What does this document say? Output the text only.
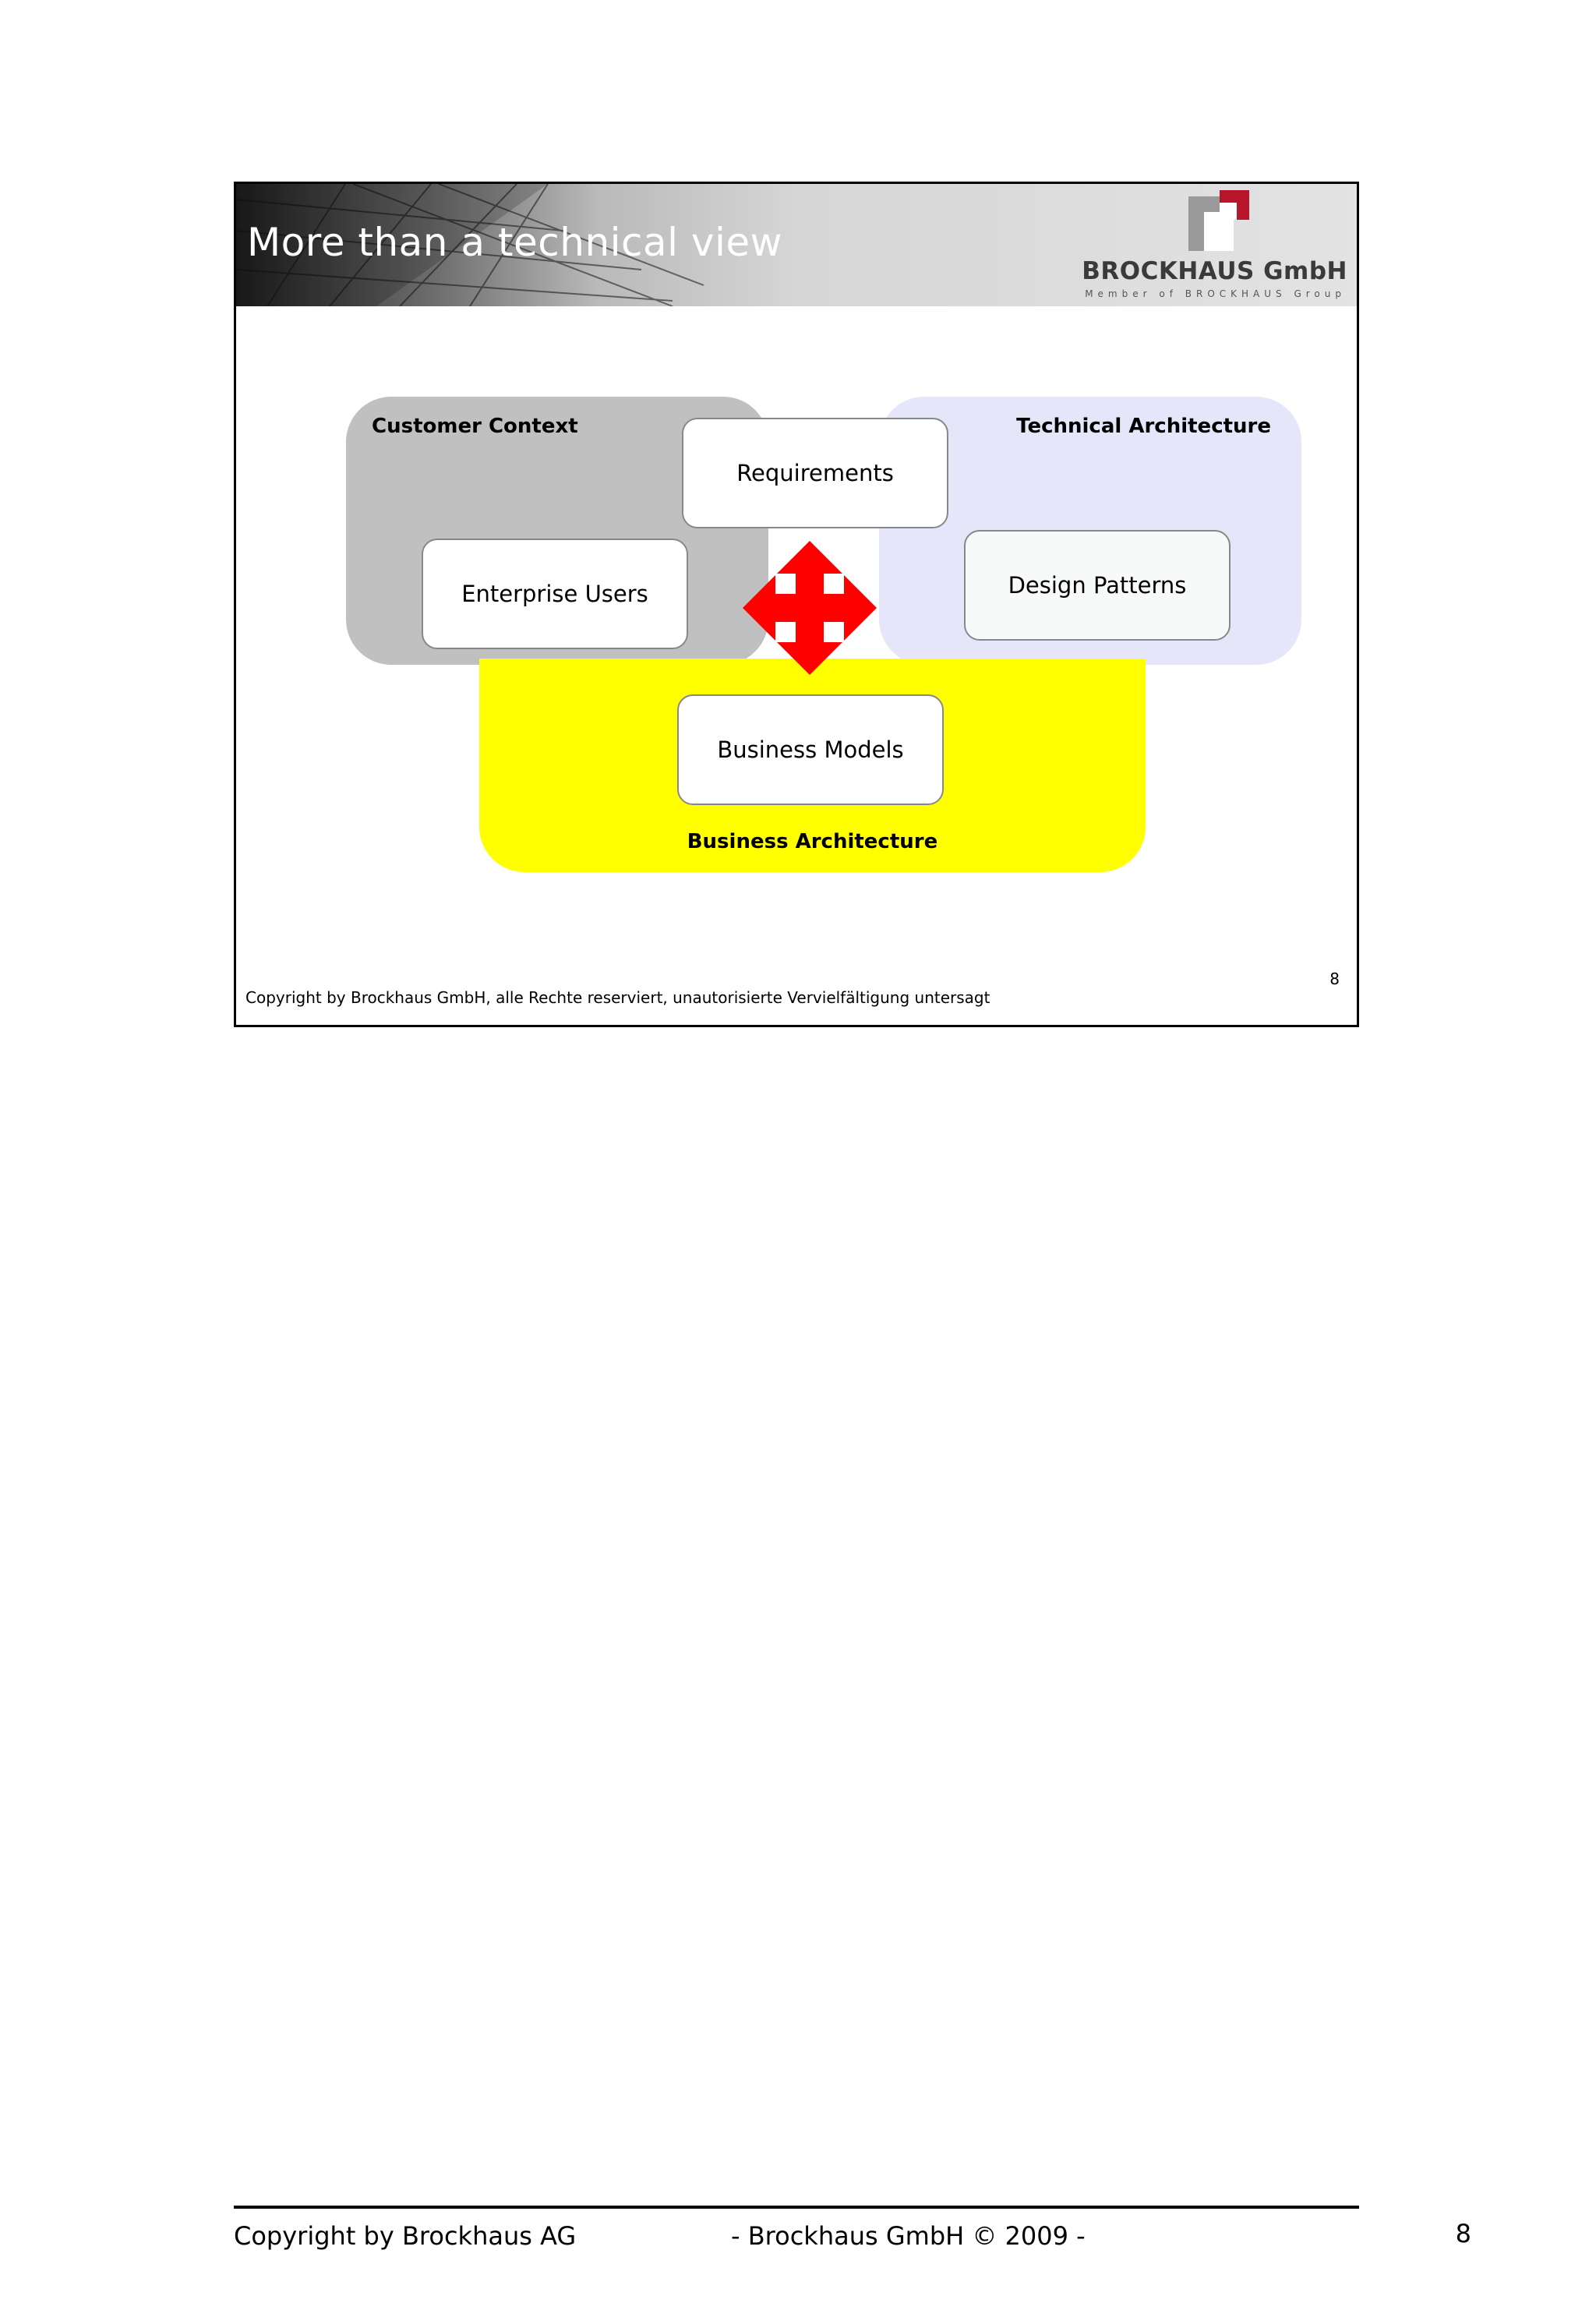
More than a technical view
BROCKHAUS GmbH
Member of BROCKHAUS Group
Business Architecture
Customer Context	Technical Architecture
Requirements
Enterprise Users	Design Patterns
Business Models
8
Copyright by Brockhaus GmbH, alle Rechte reserviert, unautorisierte Vervielfältigung untersagt
Copyright by Brockhaus AG	- Brockhaus GmbH © 2009 -	8
